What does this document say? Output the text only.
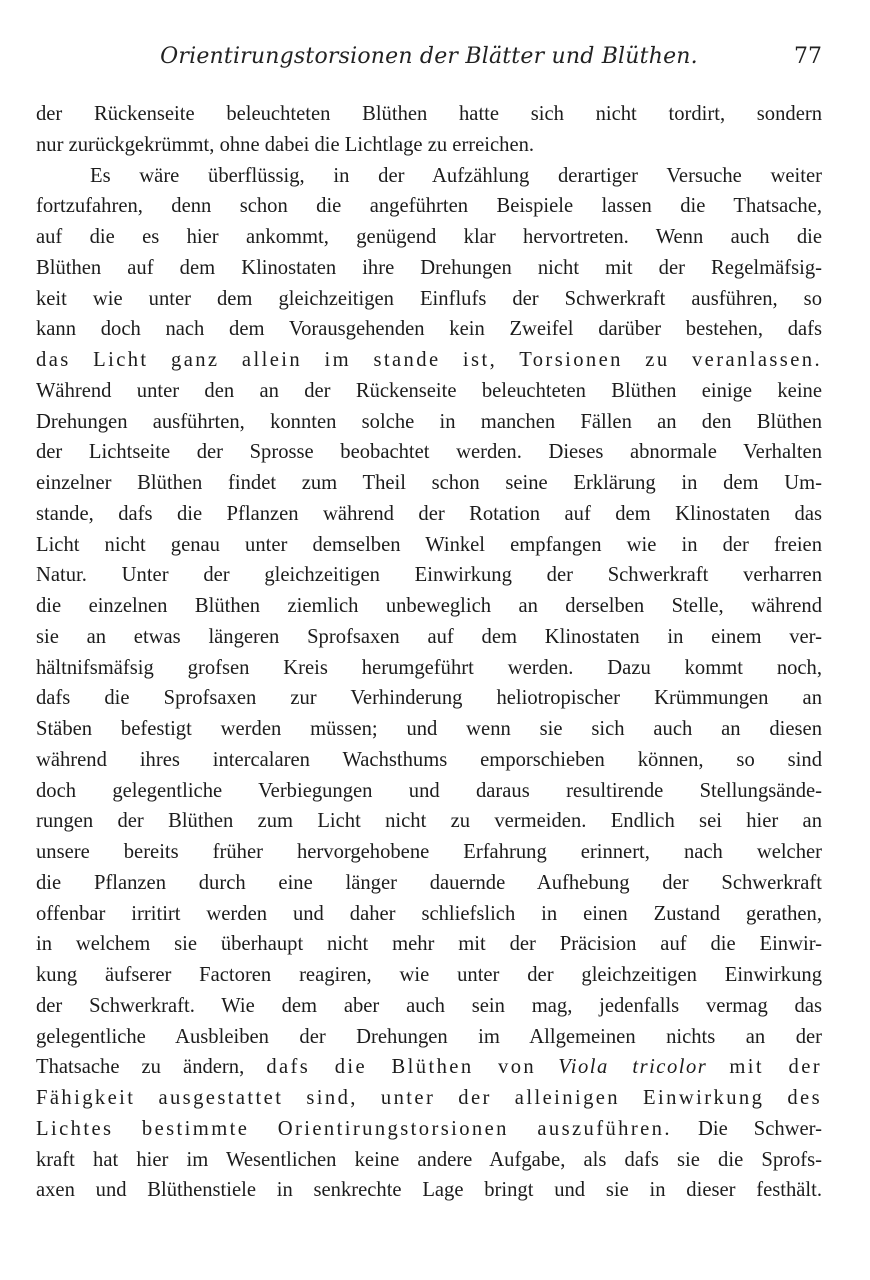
Orientirungstorsionen der Blätter und Blüthen.	77
der Rückenseite beleuchteten Blüthen hatte sich nicht tordirt, sondern
nur zurückgekrümmt, ohne dabei die Lichtlage zu erreichen.
Es wäre überflüssig, in der Aufzählung derartiger Versuche weiter
fortzufahren, denn schon die angeführten Beispiele lassen die Thatsache,
auf die es hier ankommt, genügend klar hervortreten. Wenn auch die
Blüthen auf dem Klinostaten ihre Drehungen nicht mit der Regelmäfsig-
keit wie unter dem gleichzeitigen Einflufs der Schwerkraft ausführen, so
kann doch nach dem Vorausgehenden kein Zweifel darüber bestehen, dafs
das Licht ganz allein im stande ist, Torsionen zu veranlassen.
Während unter den an der Rückenseite beleuchteten Blüthen einige keine
Drehungen ausführten, konnten solche in manchen Fällen an den Blüthen
der Lichtseite der Sprosse beobachtet werden. Dieses abnormale Verhalten
einzelner Blüthen findet zum Theil schon seine Erklärung in dem Um-
stande, dafs die Pflanzen während der Rotation auf dem Klinostaten das
Licht nicht genau unter demselben Winkel empfangen wie in der freien
Natur. Unter der gleichzeitigen Einwirkung der Schwerkraft verharren
die einzelnen Blüthen ziemlich unbeweglich an derselben Stelle, während
sie an etwas längeren Sprofsaxen auf dem Klinostaten in einem ver-
hältnifsmäfsig grofsen Kreis herumgeführt werden. Dazu kommt noch,
dafs die Sprofsaxen zur Verhinderung heliotropischer Krümmungen an
Stäben befestigt werden müssen; und wenn sie sich auch an diesen
während ihres intercalaren Wachsthums emporschieben können, so sind
doch gelegentliche Verbiegungen und daraus resultirende Stellungsände-
rungen der Blüthen zum Licht nicht zu vermeiden. Endlich sei hier an
unsere bereits früher hervorgehobene Erfahrung erinnert, nach welcher
die Pflanzen durch eine länger dauernde Aufhebung der Schwerkraft
offenbar irritirt werden und daher schliefslich in einen Zustand gerathen,
in welchem sie überhaupt nicht mehr mit der Präcision auf die Einwir-
kung äufserer Factoren reagiren, wie unter der gleichzeitigen Einwirkung
der Schwerkraft. Wie dem aber auch sein mag, jedenfalls vermag das
gelegentliche Ausbleiben der Drehungen im Allgemeinen nichts an der
Thatsache zu ändern, dafs die Blüthen von Viola tricolor mit der
Fähigkeit ausgestattet sind, unter der alleinigen Einwirkung des
Lichtes bestimmte Orientirungstorsionen auszuführen. Die Schwer-
kraft hat hier im Wesentlichen keine andere Aufgabe, als dafs sie die Sprofs-
axen und Blüthenstiele in senkrechte Lage bringt und sie in dieser festhält.
